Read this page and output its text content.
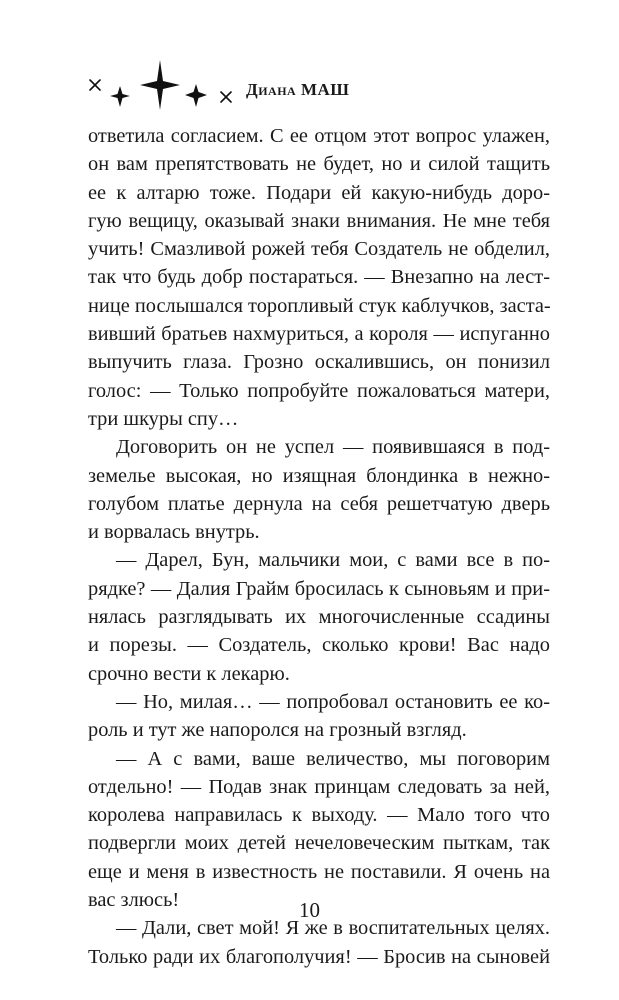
Диана МАШ
ответила согласием. С ее отцом этот вопрос улажен,
он вам препятствовать не будет, но и силой тащить
ее к алтарю тоже. Подари ей какую-нибудь доро-
гую вещицу, оказывай знаки внимания. Не мне тебя
учить! Смазливой рожей тебя Создатель не обделил,
так что будь добр постараться. — Внезапно на лест-
нице послышался торопливый стук каблучков, заста-
вивший братьев нахмуриться, а короля — испуганно
выпучить глаза. Грозно оскалившись, он понизил
голос: — Только попробуйте пожаловаться матери,
три шкуры спу…
Договорить он не успел — появившаяся в под-
земелье высокая, но изящная блондинка в нежно-
голубом платье дернула на себя решетчатую дверь
и ворвалась внутрь.
— Дарел, Бун, мальчики мои, с вами все в по-
рядке? — Далия Грайм бросилась к сыновьям и при-
нялась разглядывать их многочисленные ссадины
и порезы. — Создатель, сколько крови! Вас надо
срочно вести к лекарю.
— Но, милая… — попробовал остановить ее ко-
роль и тут же напоролся на грозный взгляд.
— А с вами, ваше величество, мы поговорим
отдельно! — Подав знак принцам следовать за ней,
королева направилась к выходу. — Мало того что
подвергли моих детей нечеловеческим пыткам, так
еще и меня в известность не поставили. Я очень на
вас злюсь!
— Дали, свет мой! Я же в воспитательных целях.
Только ради их благополучия! — Бросив на сыновей
10
